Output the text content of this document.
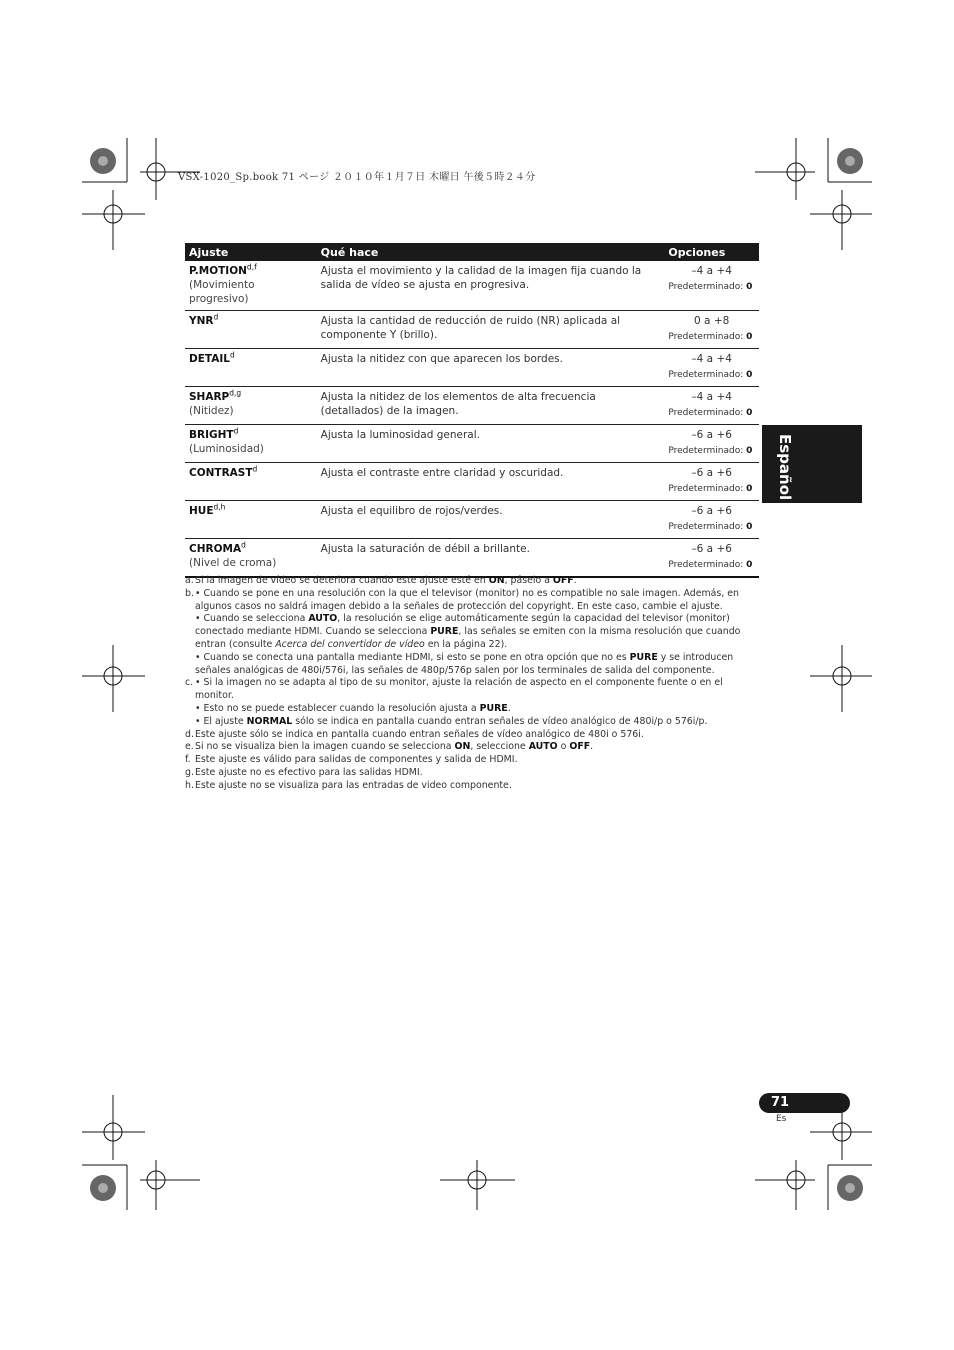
VSX-1020_Sp.book 71 ページ ２０１０年１月７日 木曜日 午後５時２４分
Ajuste	Qué hace	Opciones
P.MOTION$^{d,f}$
(Movimiento progresivo)	Ajusta el movimiento y la calidad de la imagen fija cuando la salida de vídeo se ajusta en progresiva.	–4 a +4
Predeterminado: 0

YNR$^d$	Ajusta la cantidad de reducción de ruido (NR) aplicada al componente Y (brillo).	0 a +8
Predeterminado: 0

DETAIL$^d$	Ajusta la nitidez con que aparecen los bordes.	–4 a +4
Predeterminado: 0

SHARP$^{d,g}$
(Nitidez)	Ajusta la nitidez de los elementos de alta frecuencia (detallados) de la imagen.	–4 a +4
Predeterminado: 0

BRIGHT$^d$
(Luminosidad)	Ajusta la luminosidad general.	–6 a +6
Predeterminado: 0

CONTRAST$^d$	Ajusta el contraste entre claridad y oscuridad.	–6 a +6
Predeterminado: 0

HUE$^{d,h}$	Ajusta el equilibro de rojos/verdes.	–6 a +6
Predeterminado: 0

CHROMA$^d$
(Nivel de croma)	Ajusta la saturación de débil a brillante.	–6 a +6
Predeterminado: 0
a. Si la imagen de vídeo se deteriora cuando este ajuste esté en ON, páselo a OFF.
b. • Cuando se pone en una resolución con la que el televisor (monitor) no es compatible no sale imagen. Además, en algunos casos no saldrá imagen debido a la señales de protección del copyright. En este caso, cambie el ajuste.
• Cuando se selecciona AUTO, la resolución se elige automáticamente según la capacidad del televisor (monitor) conectado mediante HDMI. Cuando se selecciona PURE, las señales se emiten con la misma resolución que cuando entran (consulte Acerca del convertidor de vídeo en la página 22).
• Cuando se conecta una pantalla mediante HDMI, si esto se pone en otra opción que no es PURE y se introducen señales analógicas de 480i/576i, las señales de 480p/576p salen por los terminales de salida del componente.
c. • Si la imagen no se adapta al tipo de su monitor, ajuste la relación de aspecto en el componente fuente o en el monitor.
• Esto no se puede establecer cuando la resolución ajusta a PURE.
• El ajuste NORMAL sólo se indica en pantalla cuando entran señales de vídeo analógico de 480i/p o 576i/p.
d. Este ajuste sólo se indica en pantalla cuando entran señales de vídeo analógico de 480i o 576i.
e. Si no se visualiza bien la imagen cuando se selecciona ON, seleccione AUTO o OFF.
f. Este ajuste es válido para salidas de componentes y salida de HDMI.
g. Este ajuste no es efectivo para las salidas HDMI.
h. Este ajuste no se visualiza para las entradas de video componente.
Español
71
Es
